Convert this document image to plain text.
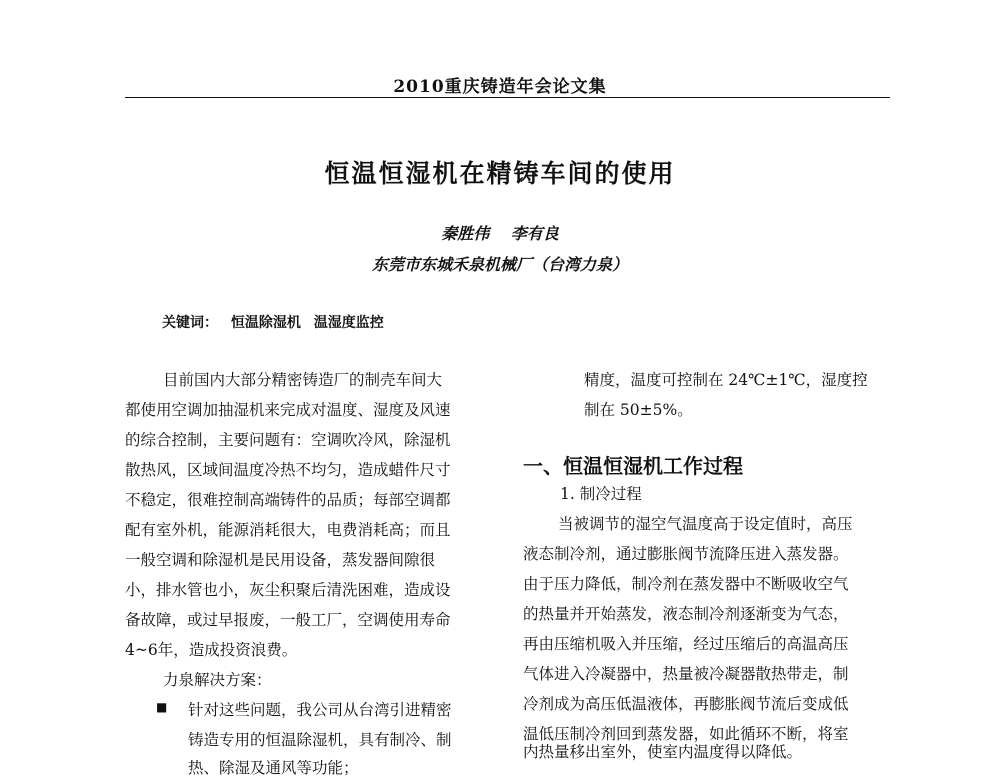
2010重庆铸造年会论文集
恒温恒湿机在精铸车间的使用
秦胜伟 李有良
东莞市东城禾泉机械厂（台湾力泉）
关键词： 恒温除湿机 温湿度监控
目前国内大部分精密铸造厂的制壳车间大
都使用空调加抽湿机来完成对温度、湿度及风速
的综合控制，主要问题有：空调吹冷风，除湿机
散热风，区域间温度冷热不均匀，造成蜡件尺寸
不稳定，很难控制高端铸件的品质；每部空调都
配有室外机，能源消耗很大，电费消耗高；而且
一般空调和除湿机是民用设备，蒸发器间隙很
小，排水管也小，灰尘积聚后清洗困难，造成设
备故障，或过早报废，一般工厂，空调使用寿命
4~6年，造成投资浪费。
力泉解决方案：
■ 针对这些问题，我公司从台湾引进精密
铸造专用的恒温除湿机，具有制冷、制
热、除湿及通风等功能；
精度，温度可控制在 24℃±1℃，湿度控
制在 50±5%。
一、恒温恒湿机工作过程
1. 制冷过程
当被调节的湿空气温度高于设定值时，高压
液态制冷剂，通过膨胀阀节流降压进入蒸发器。
由于压力降低，制冷剂在蒸发器中不断吸收空气
的热量并开始蒸发，液态制冷剂逐渐变为气态，
再由压缩机吸入并压缩，经过压缩后的高温高压
气体进入冷凝器中，热量被冷凝器散热带走，制
冷剂成为高压低温液体，再膨胀阀节流后变成低
温低压制冷剂回到蒸发器，如此循环不断，将室
内热量移出室外，使室内温度得以降低。
